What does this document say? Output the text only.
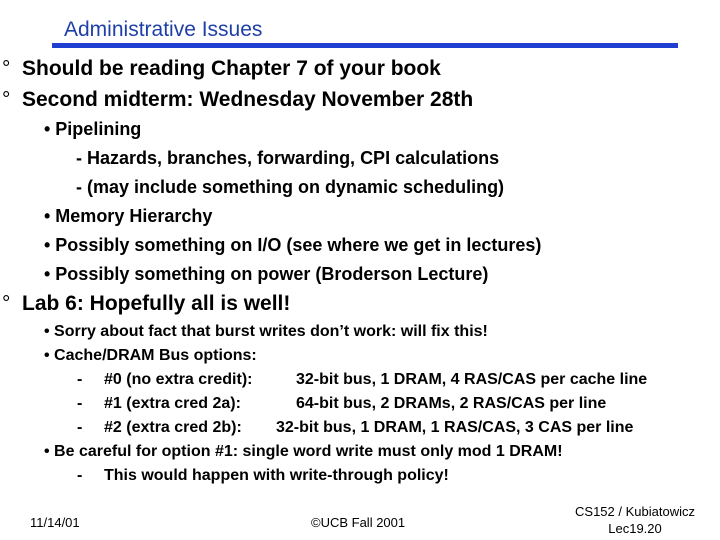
Administrative Issues
° Should be reading Chapter 7 of your book
° Second midterm: Wednesday November 28th
• Pipelining
- Hazards, branches, forwarding, CPI calculations
- (may include something on dynamic scheduling)
• Memory Hierarchy
• Possibly something on I/O (see where we get in lectures)
• Possibly something on power (Broderson Lecture)
° Lab 6: Hopefully all is well!
• Sorry about fact that burst writes don’t work: will fix this!
• Cache/DRAM Bus options:
- #0 (no extra credit):	32-bit bus, 1 DRAM, 4 RAS/CAS per cache line
- #1 (extra cred 2a):	64-bit bus, 2 DRAMs, 2 RAS/CAS per line
- #2 (extra cred 2b): 32-bit bus, 1 DRAM, 1 RAS/CAS, 3 CAS per line
• Be careful for option #1: single word write must only mod 1 DRAM!
- This would happen with write-through policy!
11/14/01	©UCB Fall 2001
CS152 / Kubiatowicz
Lec19.20
